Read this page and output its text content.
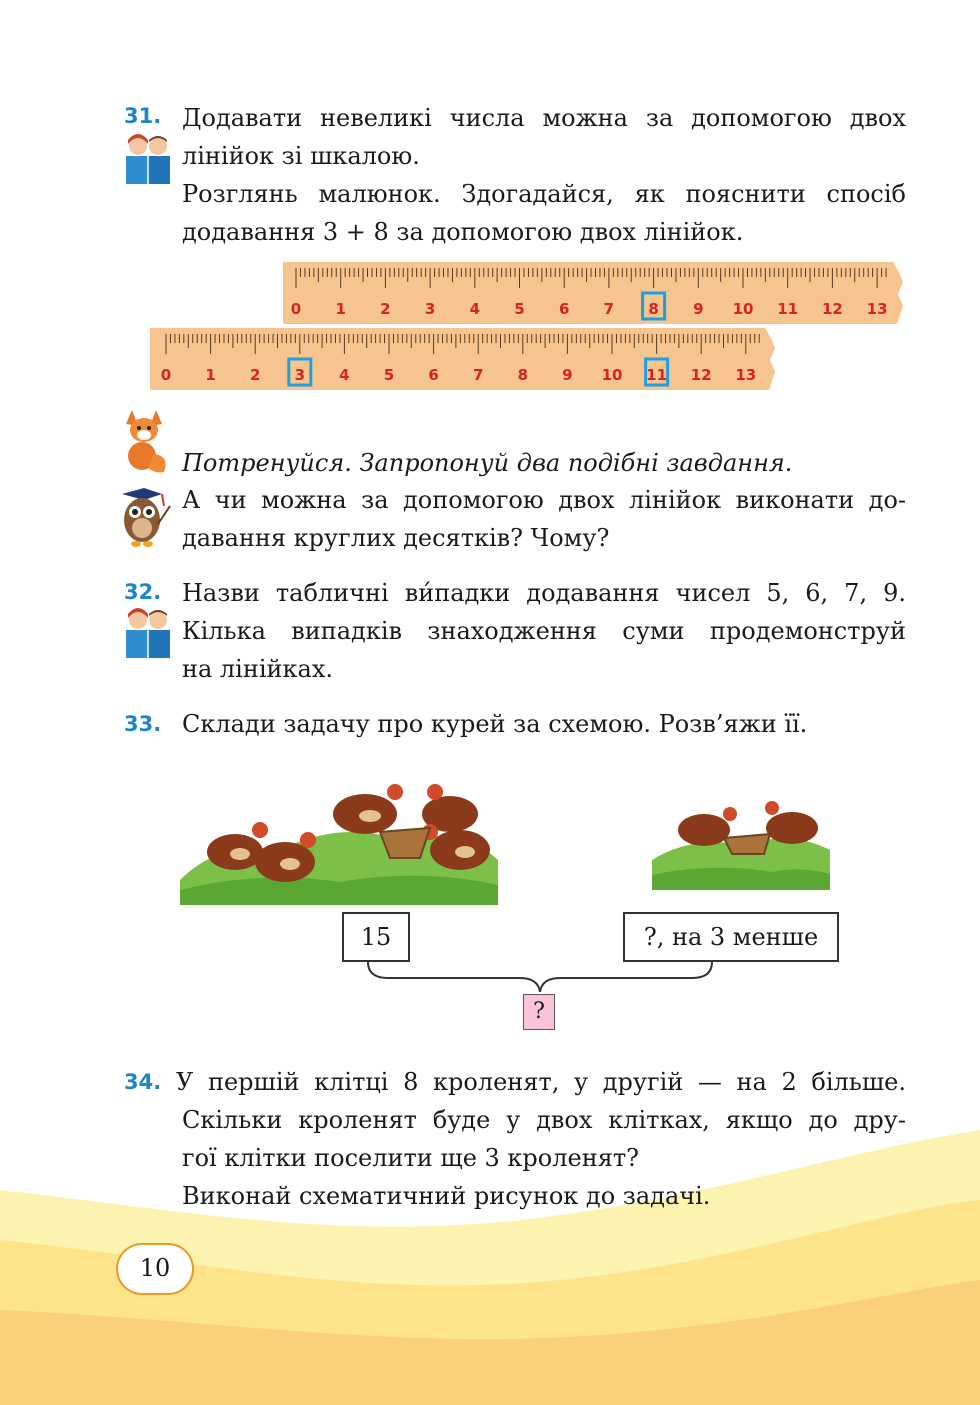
31. Додавати невеликі числа можна за допомогою двох
лінійок зі шкалою.
Розглянь малюнок. Здогадайся, як пояснити спосіб
додавання 3 + 8 за допомогою двох лінійок.
0 1 2 3 4 5 6 7 8 9 10 11 12 13
0 1 2 3 4 5 6 7 8 9 10 11 12 13
Потренуйся. Запропонуй два подібні завдання.
А чи можна за допомогою двох лінійок виконати до-
давання круглих десятків? Чому?
32. Назви табличні ви́падки додавання чисел 5, 6, 7, 9.
Кілька випадків знаходження суми продемонструй
на лінійках.
33. Склади задачу про курей за схемою. Розв’яжи її.
15	?, на 3 менше
?
34. У першій клітці 8 кроленят, у другій — на 2 більше.
Скільки кроленят буде у двох клітках, якщо до дру-
гої клітки поселити ще 3 кроленят?
Виконай схематичний рисунок до задачі.
10
